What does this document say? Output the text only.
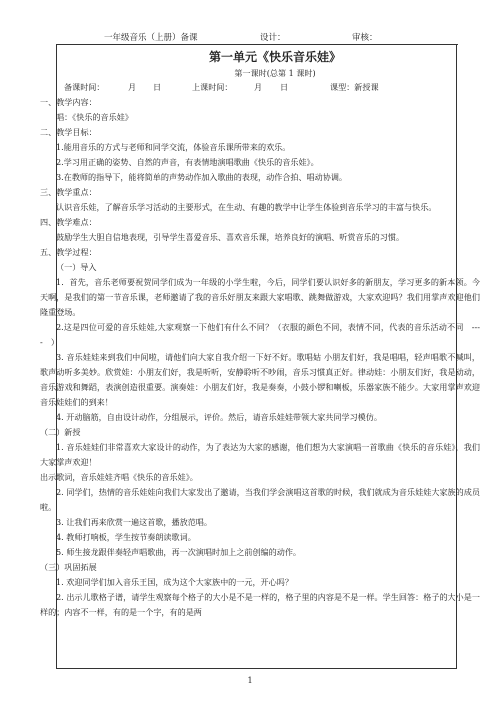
一年级音乐（上册）备课	设计：	审核：
第一单元《快乐音乐娃》
第一课时(总第 1 课时)
备课时间：	月 日	上课时间：	月 日	课型：新授课
一、教学内容：
唱：《快乐的音乐娃》
二、教学目标：
1.能用音乐的方式与老师和同学交流，体验音乐课所带来的欢乐。
2.学习用正确的姿势、自然的声音，有表情地演唱歌曲《快乐的音乐娃》。
3.在教师的指导下，能将简单的声势动作加入歌曲的表现，动作合拍、唱动协调。
三、教学重点：
认识音乐娃，了解音乐学习活动的主要形式，在生动、有趣的教学中让学生体验到音乐学习的丰富与快乐。
四、教学难点：
鼓励学生大胆自信地表现，引导学生喜爱音乐、喜欢音乐课，培养良好的演唱、听赏音乐的习惯。
五、教学过程：
（一）导入
1．首先，音乐老师要祝贺同学们成为一年级的小学生啦，今后，同学们要认识好多的新朋友，学习更多的新本领。今天啊，是我们的第一节音乐课，老师邀请了我的音乐好朋友来跟大家唱歌、跳舞做游戏，大家欢迎吗？我们用掌声欢迎他们隆重登场。
2.这是四位可爱的音乐娃娃,大家观察一下他们有什么不同？（衣服的颜色不同，表情不同，代表的音乐活动不同　----　）
3. 音乐娃娃来到我们中间啦，请他们向大家自我介绍一下好不好。歌唱姑 小朋友们好，我是唱唱，轻声唱歌不喊叫，歌声动听多美妙。欣赏娃：小朋友们好，我是听听，安静聆听不吵闹，音乐习惯真正好。律动娃：小朋友们好，我是动动，音乐游戏和舞蹈，表演创造很重要。演奏娃：小朋友们好，我是奏奏，小鼓小锣和喇板，乐器家族不能少。大家用掌声欢迎音乐娃娃们的到来！
4. 开动脑筋，自由设计动作，分组展示，评价。然后，请音乐娃娃带领大家共同学习模仿。
（二）新授
1. 音乐娃娃们非常喜欢大家设计的动作，为了表达为大家的感谢，他们想为大家演唱一首歌曲《快乐的音乐娃》，我们大家掌声欢迎！
出示歌词，音乐娃娃齐唱《快乐的音乐娃》。
2. 同学们，热情的音乐娃娃向我们大家发出了邀请，当我们学会演唱这首歌的时候，我们就成为音乐娃娃大家族的成员啦。
3. 让我们再来欣赏一遍这首歌，播放范唱。
4. 教师打响板，学生按节奏朗读歌词。
5. 师生接龙跟伴奏轻声唱歌曲，再一次演唱时加上之前创编的动作。
（三）巩固拓展
1. 欢迎同学们加入音乐王国，成为这个大家族中的一元，开心吗？
2. 出示儿歌格子谱，请学生观察每个格子的大小是不是一样的，格子里的内容是不是一样。学生回答：格子的大小是一样的；内容不一样，有的是一个字，有的是两
1
